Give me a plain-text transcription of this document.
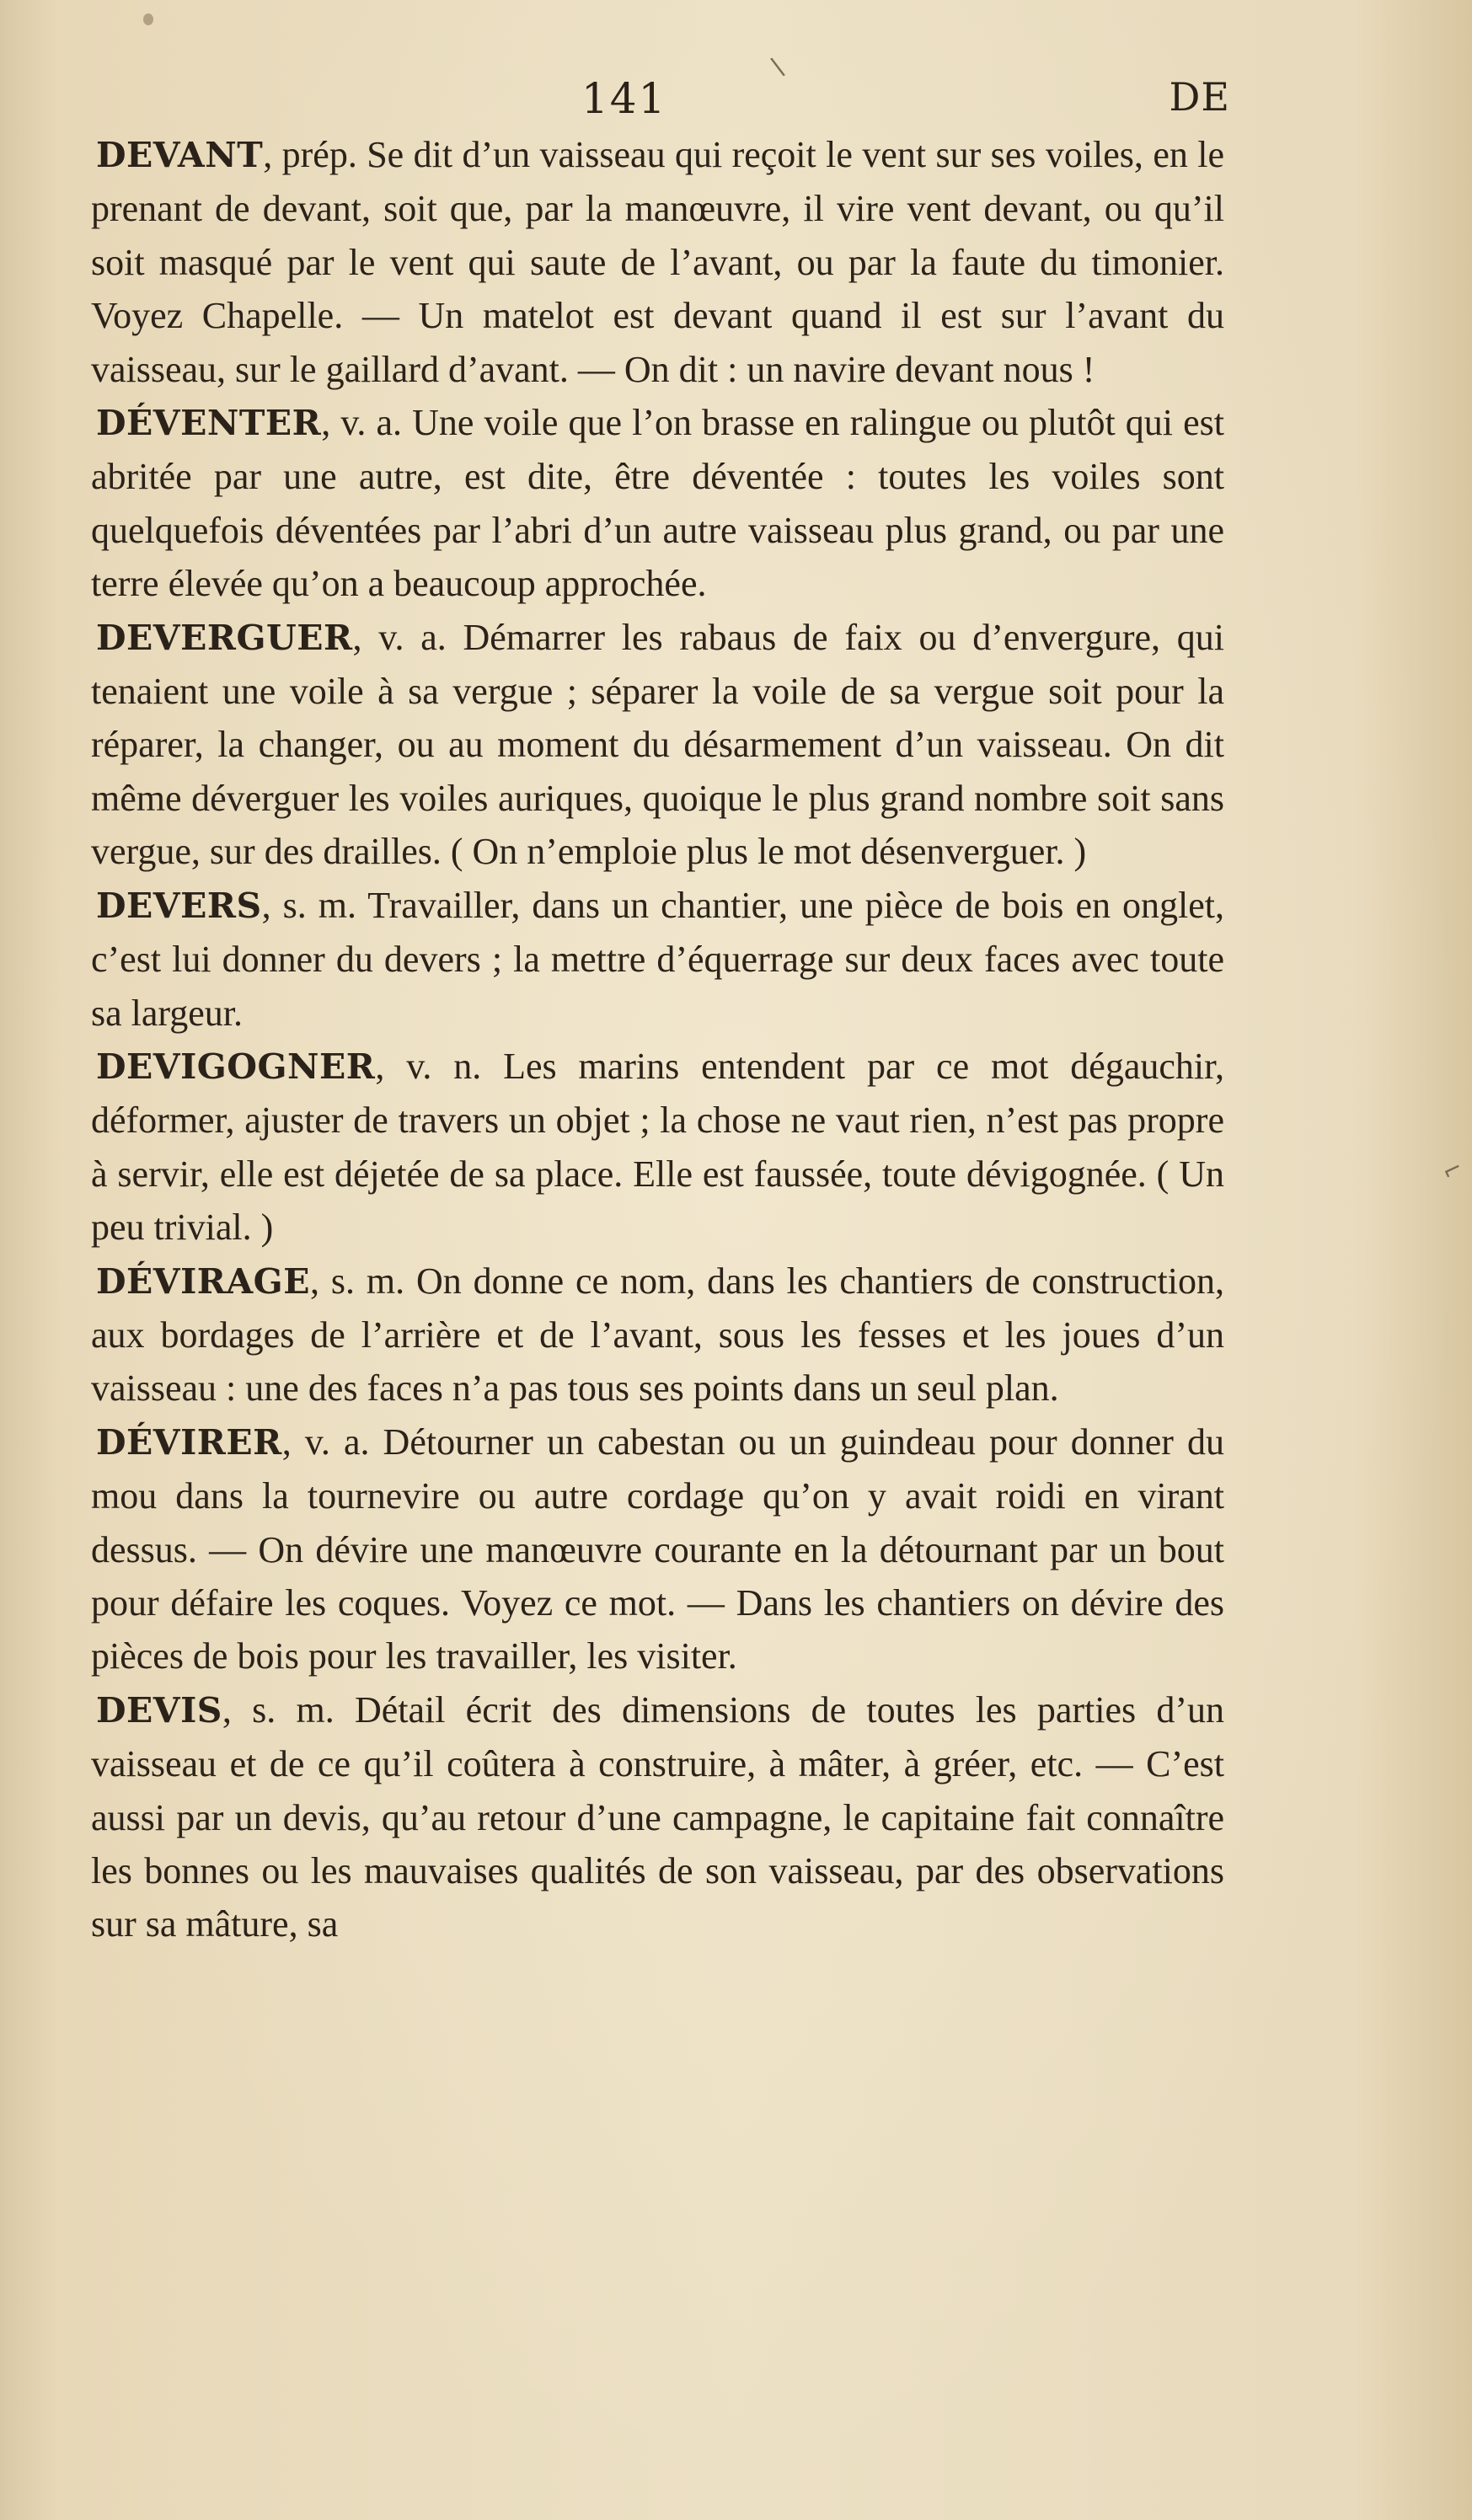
\
⌐
141	DE

DEVANT, prép. Se dit d’un vaisseau qui reçoit le vent sur ses voiles, en le prenant de devant, soit que, par la manœuvre, il vire vent devant, ou qu’il soit masqué par le vent qui saute de l’avant, ou par la faute du timonier. Voyez Chapelle. — Un matelot est devant quand il est sur l’avant du vaisseau, sur le gaillard d’avant. — On dit : un navire devant nous !

DÉVENTER, v. a. Une voile que l’on brasse en ralingue ou plutôt qui est abritée par une autre, est dite, être déventée : toutes les voiles sont quelquefois déventées par l’abri d’un autre vaisseau plus grand, ou par une terre élevée qu’on a beaucoup approchée.

DEVERGUER, v. a. Démarrer les rabaus de faix ou d’envergure, qui tenaient une voile à sa vergue ; séparer la voile de sa vergue soit pour la réparer, la changer, ou au moment du désarmement d’un vaisseau. On dit même déverguer les voiles auriques, quoique le plus grand nombre soit sans vergue, sur des drailles. ( On n’emploie plus le mot désenverguer. )

DEVERS, s. m. Travailler, dans un chantier, une pièce de bois en onglet, c’est lui donner du devers ; la mettre d’équerrage sur deux faces avec toute sa largeur.

DEVIGOGNER, v. n. Les marins entendent par ce mot dégauchir, déformer, ajuster de travers un objet ; la chose ne vaut rien, n’est pas propre à servir, elle est déjetée de sa place. Elle est faussée, toute dévigognée. ( Un peu trivial. )

DÉVIRAGE, s. m. On donne ce nom, dans les chantiers de construction, aux bordages de l’arrière et de l’avant, sous les fesses et les joues d’un vaisseau : une des faces n’a pas tous ses points dans un seul plan.

DÉVIRER, v. a. Détourner un cabestan ou un guindeau pour donner du mou dans la tournevire ou autre cordage qu’on y avait roidi en virant dessus. — On dévire une manœuvre courante en la détournant par un bout pour défaire les coques. Voyez ce mot. — Dans les chantiers on dévire des pièces de bois pour les travailler, les visiter.

DEVIS, s. m. Détail écrit des dimensions de toutes les parties d’un vaisseau et de ce qu’il coûtera à construire, à mâter, à gréer, etc. — C’est aussi par un devis, qu’au retour d’une campagne, le capitaine fait connaître les bonnes ou les mauvaises qualités de son vaisseau, par des observations sur sa mâture, sa
